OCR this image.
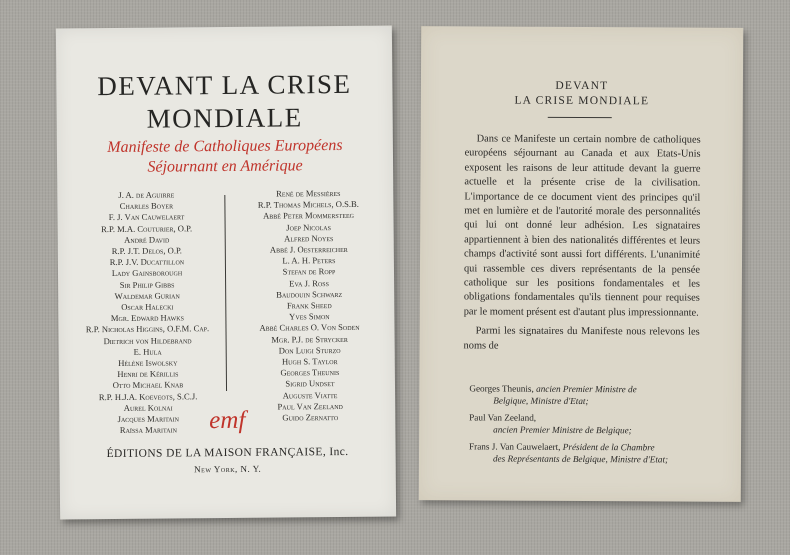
DEVANT LA CRISE
MONDIALE
Manifeste de Catholiques Européens
Séjournant en Amérique
J. A. de Aguirre
Charles Boyer
F. J. Van Cauwelaert
R.P. M.A. Couturier, O.P.
André David
R.P. J.T. Delos, O.P.
R.P. J.V. Ducattillon
Lady Gainsborough
Sir Philip Gibbs
Waldemar Gurian
Oscar Halecki
Mgr. Edward Hawks
R.P. Nicholas Higgins, O.F.M. Cap.
Dietrich von Hildebrand
E. Hula
Hélène Iswolsky
Henri de Kérillis
Otto Michael Knab
R.P. H.J.A. Koeveots, S.C.J.
Aurel Kolnai
Jacques Maritain
Raïssa Maritain
René de Messières
R.P. Thomas Michels, O.S.B.
Abbé Peter Mommersteeg
Joep Nicolas
Alfred Noyes
Abbé J. Oesterreicher
L. A. H. Peters
Stefan de Ropp
Eva J. Ross
Baudouin Schwarz
Frank Sheed
Yves Simon
Abbé Charles O. Von Soden
Mgr. P.J. de Strycker
Don Luigi Sturzo
Hugh S. Taylor
Georges Theunis
Sigrid Undset
Auguste Viatte
Paul Van Zeeland
Guido Zernatto
emf
ÉDITIONS DE LA MAISON FRANÇAISE, Inc.
New York, N. Y.
DEVANT
LA CRISE MONDIALE

Dans ce Manifeste un certain nombre de catholiques européens séjournant au Canada et aux Etats-Unis exposent les raisons de leur attitude devant la guerre actuelle et la présente crise de la civilisation. L'importance de ce document vient des principes qu'il met en lumière et de l'autorité morale des personnalités qui lui ont donné leur adhésion. Les signataires appartiennent à bien des nationalités différentes et leurs champs d'activité sont aussi fort différents. L'unanimité qui rassemble ces divers représentants de la pensée catholique sur les positions fondamentales et les obligations fondamentales qu'ils tiennent pour requises par le moment présent est d'autant plus impressionnante.

Parmi les signataires du Manifeste nous relevons les noms de

Georges Theunis, ancien Premier Ministre de
Belgique, Ministre d'Etat;
Paul Van Zeeland,
ancien Premier Ministre de Belgique;
Frans J. Van Cauwelaert, Président de la Chambre
des Représentants de Belgique, Ministre d'Etat;
